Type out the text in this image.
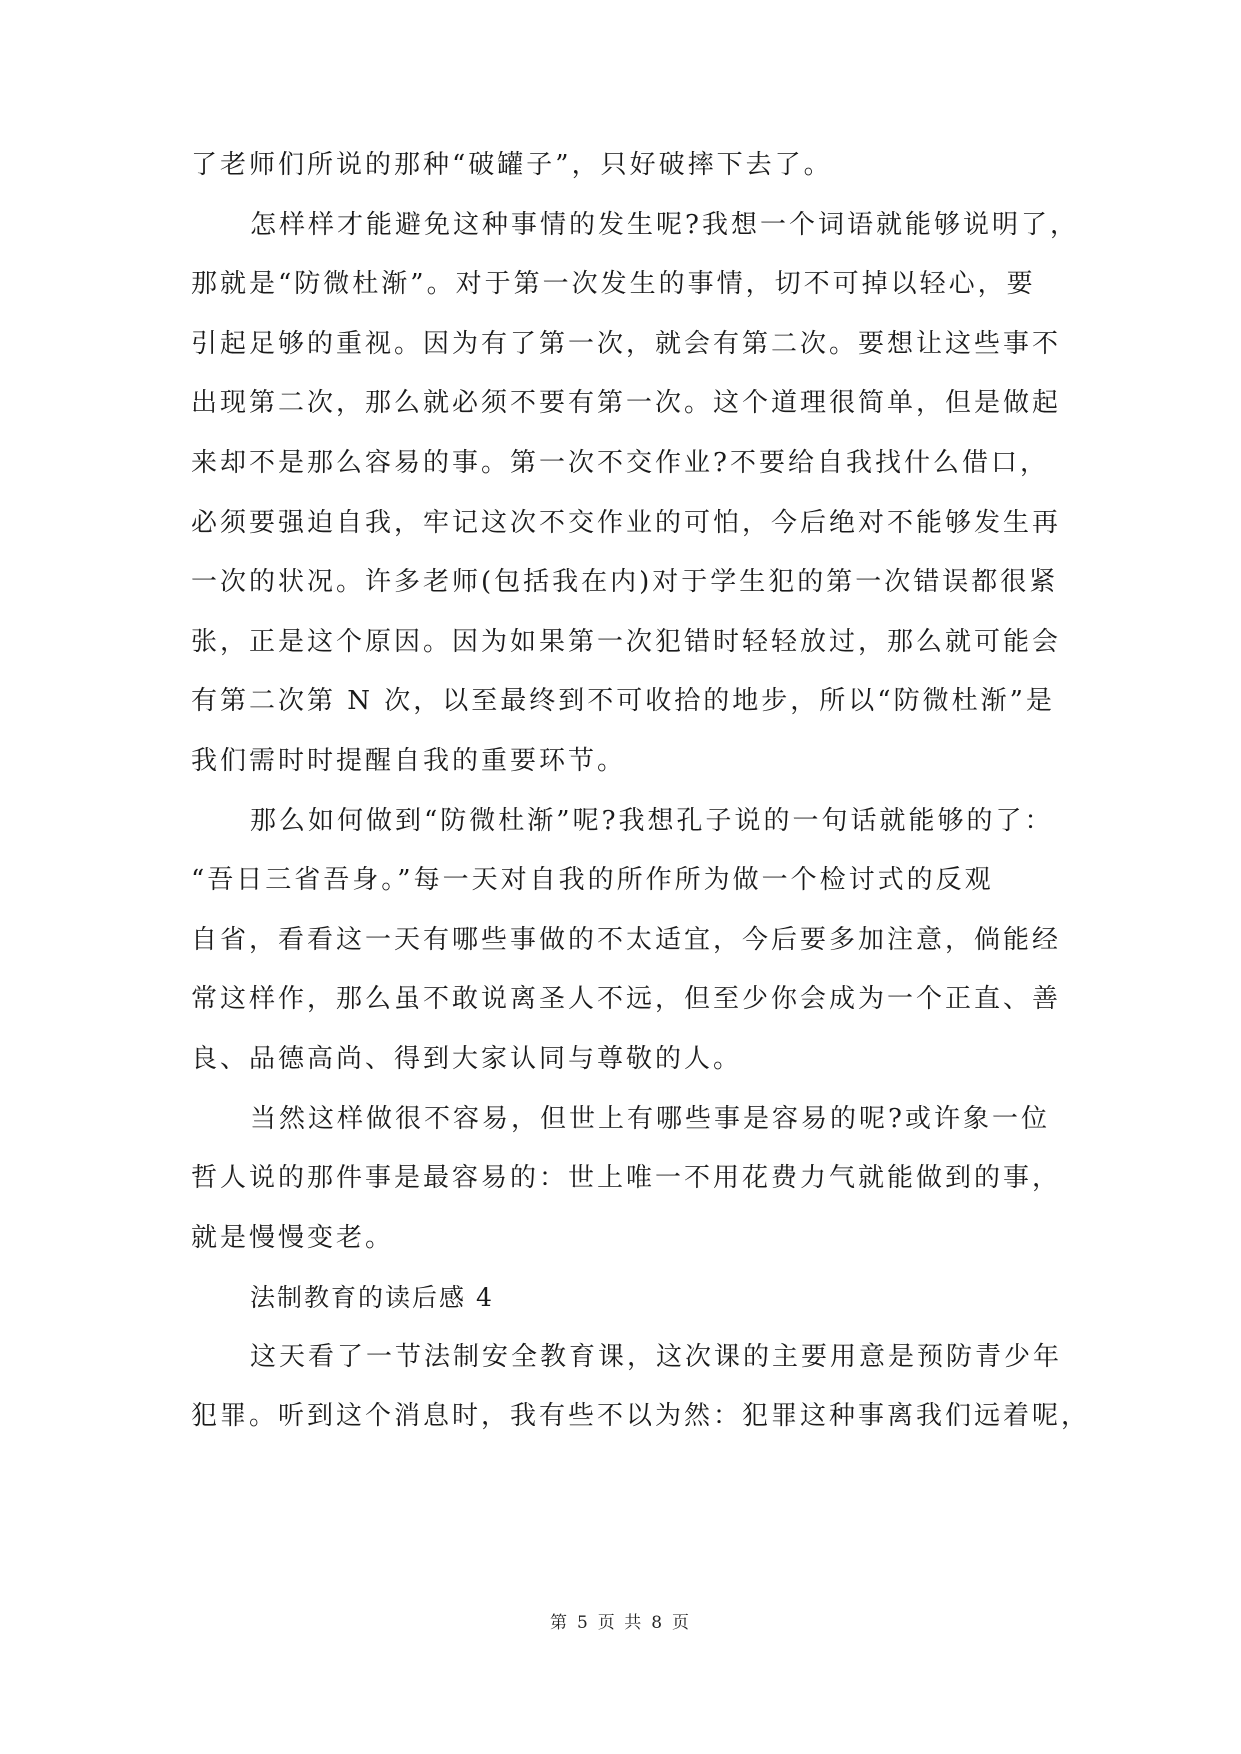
了老师们所说的那种“破罐子”，只好破摔下去了。
怎样样才能避免这种事情的发生呢?我想一个词语就能够说明了，
那就是“防微杜渐”。对于第一次发生的事情，切不可掉以轻心，要
引起足够的重视。因为有了第一次，就会有第二次。要想让这些事不
出现第二次，那么就必须不要有第一次。这个道理很简单，但是做起
来却不是那么容易的事。第一次不交作业?不要给自我找什么借口，
必须要强迫自我，牢记这次不交作业的可怕，今后绝对不能够发生再
一次的状况。许多老师(包括我在内)对于学生犯的第一次错误都很紧
张，正是这个原因。因为如果第一次犯错时轻轻放过，那么就可能会
有第二次第 N 次，以至最终到不可收拾的地步，所以“防微杜渐”是
我们需时时提醒自我的重要环节。
那么如何做到“防微杜渐”呢?我想孔子说的一句话就能够的了：
“吾日三省吾身。”每一天对自我的所作所为做一个检讨式的反观
自省，看看这一天有哪些事做的不太适宜，今后要多加注意，倘能经
常这样作，那么虽不敢说离圣人不远，但至少你会成为一个正直、善
良、品德高尚、得到大家认同与尊敬的人。
当然这样做很不容易，但世上有哪些事是容易的呢?或许象一位
哲人说的那件事是最容易的：世上唯一不用花费力气就能做到的事，
就是慢慢变老。
法制教育的读后感 4
这天看了一节法制安全教育课，这次课的主要用意是预防青少年
犯罪。听到这个消息时，我有些不以为然：犯罪这种事离我们远着呢，
第 5 页 共 8 页
